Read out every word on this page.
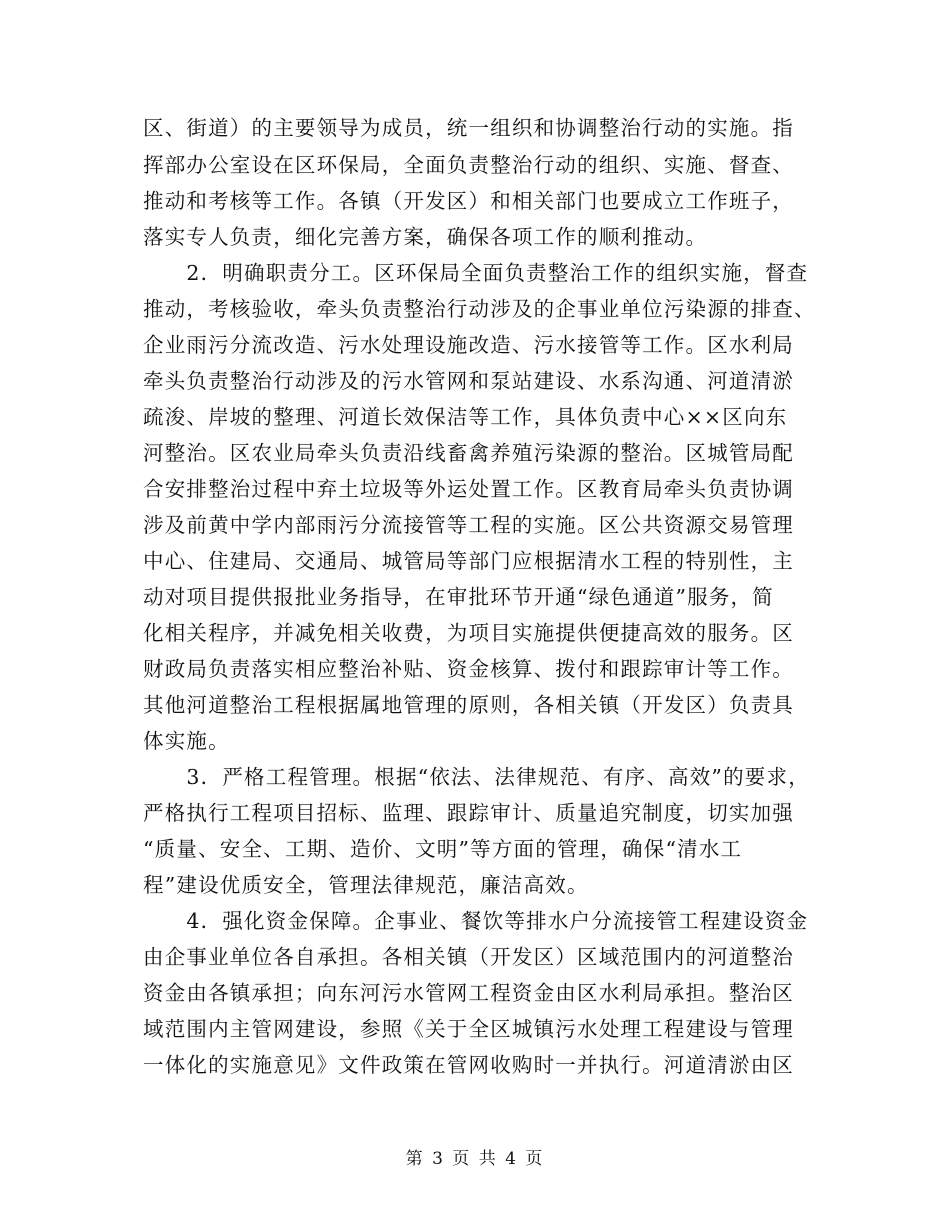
区、街道）的主要领导为成员，统一组织和协调整治行动的实施。指
挥部办公室设在区环保局，全面负责整治行动的组织、实施、督查、
推动和考核等工作。各镇（开发区）和相关部门也要成立工作班子，
落实专人负责，细化完善方案，确保各项工作的顺利推动。
　　2．明确职责分工。区环保局全面负责整治工作的组织实施，督查
推动，考核验收，牵头负责整治行动涉及的企事业单位污染源的排查、
企业雨污分流改造、污水处理设施改造、污水接管等工作。区水利局
牵头负责整治行动涉及的污水管网和泵站建设、水系沟通、河道清淤
疏浚、岸坡的整理、河道长效保洁等工作，具体负责中心××区向东
河整治。区农业局牵头负责沿线畜禽养殖污染源的整治。区城管局配
合安排整治过程中弃土垃圾等外运处置工作。区教育局牵头负责协调
涉及前黄中学内部雨污分流接管等工程的实施。区公共资源交易管理
中心、住建局、交通局、城管局等部门应根据清水工程的特别性，主
动对项目提供报批业务指导，在审批环节开通“绿色通道”服务，简
化相关程序，并减免相关收费，为项目实施提供便捷高效的服务。区
财政局负责落实相应整治补贴、资金核算、拨付和跟踪审计等工作。
其他河道整治工程根据属地管理的原则，各相关镇（开发区）负责具
体实施。
　　3．严格工程管理。根据“依法、法律规范、有序、高效”的要求，
严格执行工程项目招标、监理、跟踪审计、质量追究制度，切实加强
“质量、安全、工期、造价、文明”等方面的管理，确保“清水工
程”建设优质安全，管理法律规范，廉洁高效。
　　4．强化资金保障。企事业、餐饮等排水户分流接管工程建设资金
由企事业单位各自承担。各相关镇（开发区）区域范围内的河道整治
资金由各镇承担；向东河污水管网工程资金由区水利局承担。整治区
域范围内主管网建设，参照《关于全区城镇污水处理工程建设与管理
一体化的实施意见》文件政策在管网收购时一并执行。河道清淤由区
第 3 页 共 4 页
